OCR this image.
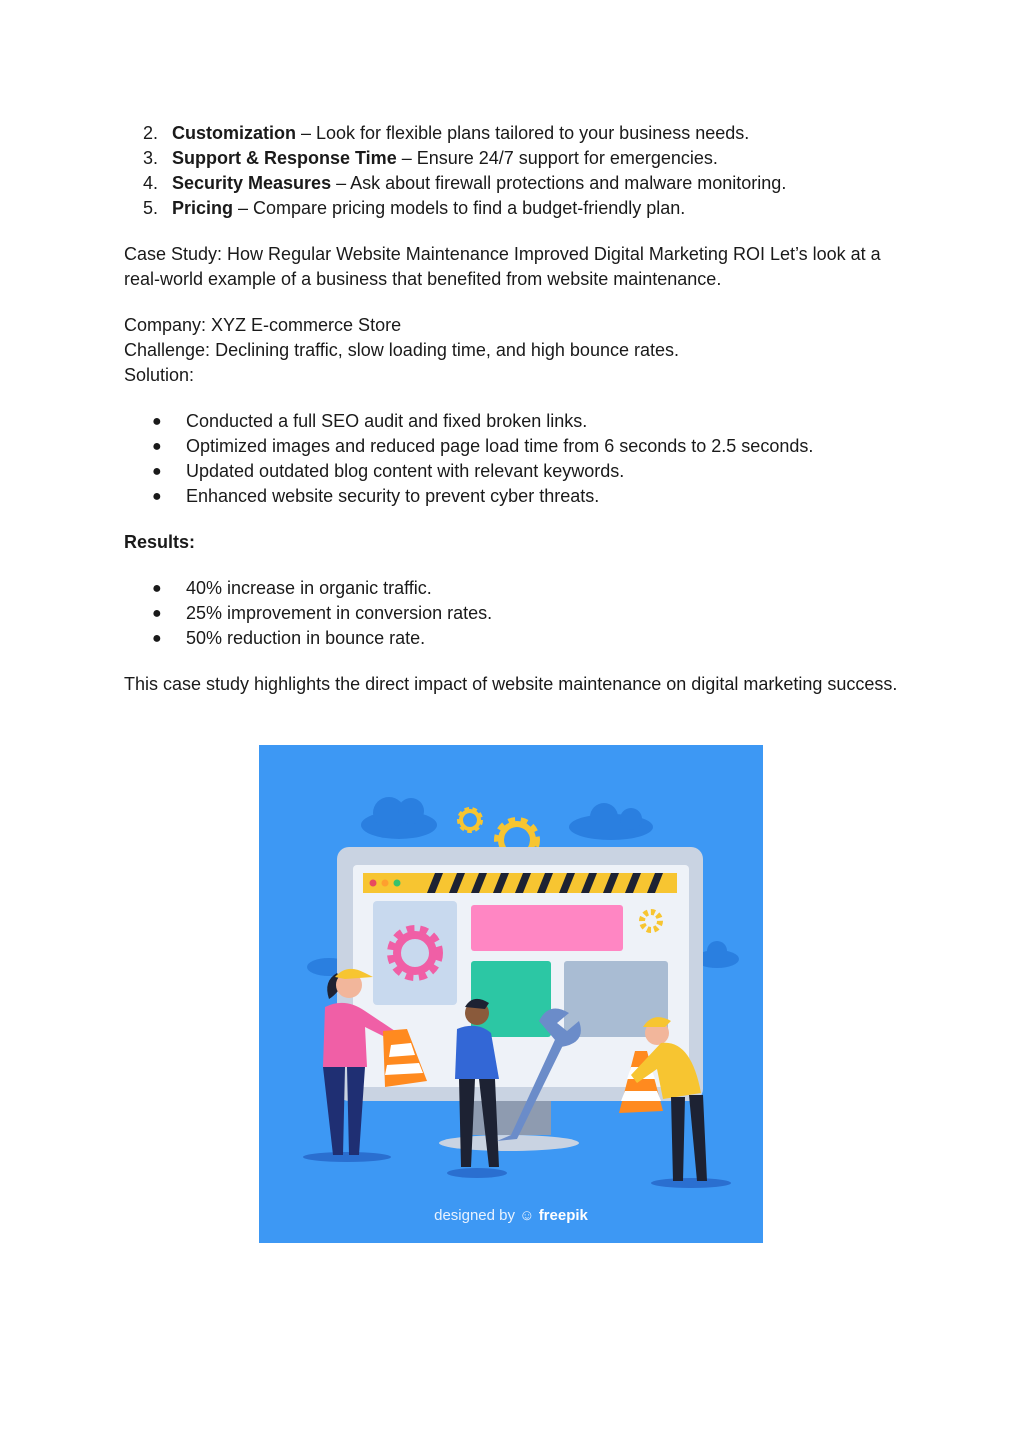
2. Customization – Look for flexible plans tailored to your business needs.
3. Support & Response Time – Ensure 24/7 support for emergencies.
4. Security Measures – Ask about firewall protections and malware monitoring.
5. Pricing – Compare pricing models to find a budget-friendly plan.

Case Study: How Regular Website Maintenance Improved Digital Marketing ROI Let’s look at a real-world example of a business that benefited from website maintenance.

Company: XYZ E-commerce Store

Challenge: Declining traffic, slow loading time, and high bounce rates.

Solution:

●	Conducted a full SEO audit and fixed broken links.
●	Optimized images and reduced page load time from 6 seconds to 2.5 seconds.
●	Updated outdated blog content with relevant keywords.
●	Enhanced website security to prevent cyber threats.

Results:

●	40% increase in organic traffic.
●	25% improvement in conversion rates.
●	50% reduction in bounce rate.

This case study highlights the direct impact of website maintenance on digital marketing success.

designed by ☺ freepik
